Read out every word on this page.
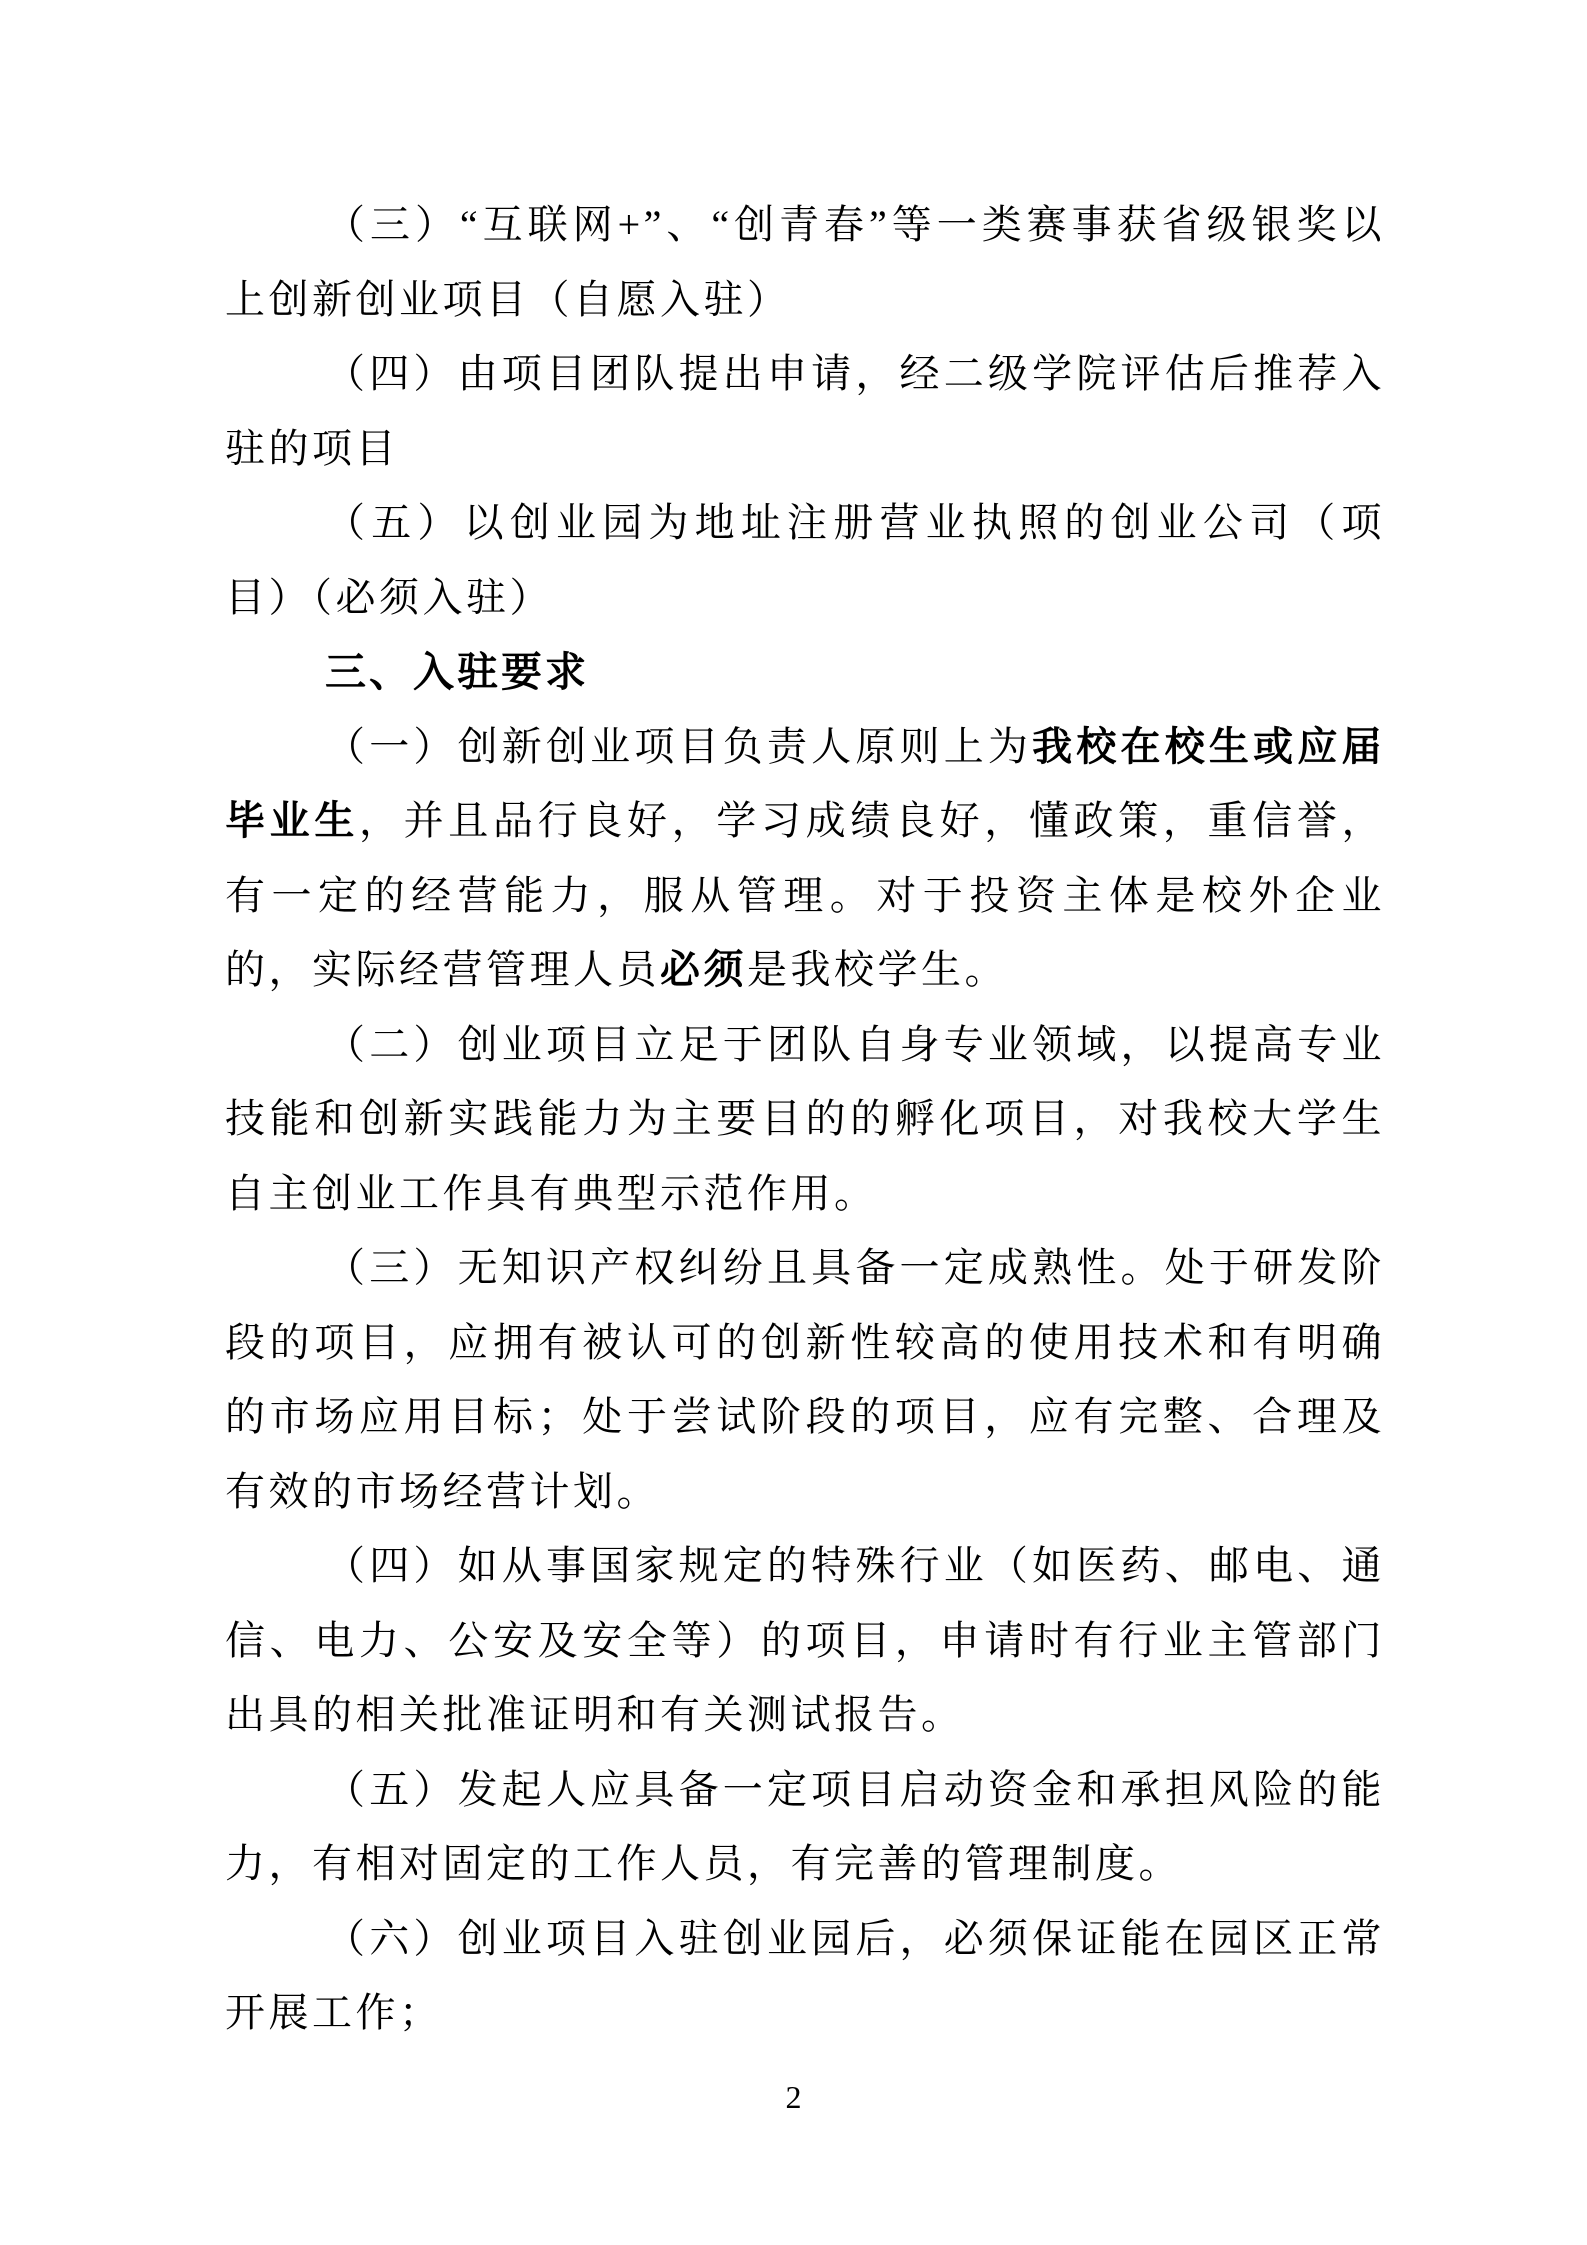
（三）“互联网+”、“创青春”等一类赛事获省级银奖以上创新创业项目（自愿入驻）

（四）由项目团队提出申请，经二级学院评估后推荐入驻的项目

（五）以创业园为地址注册营业执照的创业公司（项目）（必须入驻）

三、入驻要求

（一）创新创业项目负责人原则上为我校在校生或应届毕业生，并且品行良好，学习成绩良好，懂政策，重信誉，有一定的经营能力，服从管理。对于投资主体是校外企业的，实际经营管理人员必须是我校学生。

（二）创业项目立足于团队自身专业领域，以提高专业技能和创新实践能力为主要目的的孵化项目，对我校大学生自主创业工作具有典型示范作用。

（三）无知识产权纠纷且具备一定成熟性。处于研发阶段的项目，应拥有被认可的创新性较高的使用技术和有明确的市场应用目标；处于尝试阶段的项目，应有完整、合理及有效的市场经营计划。

（四）如从事国家规定的特殊行业（如医药、邮电、通信、电力、公安及安全等）的项目，申请时有行业主管部门出具的相关批准证明和有关测试报告。

（五）发起人应具备一定项目启动资金和承担风险的能力，有相对固定的工作人员，有完善的管理制度。

（六）创业项目入驻创业园后，必须保证能在园区正常开展工作；

2
